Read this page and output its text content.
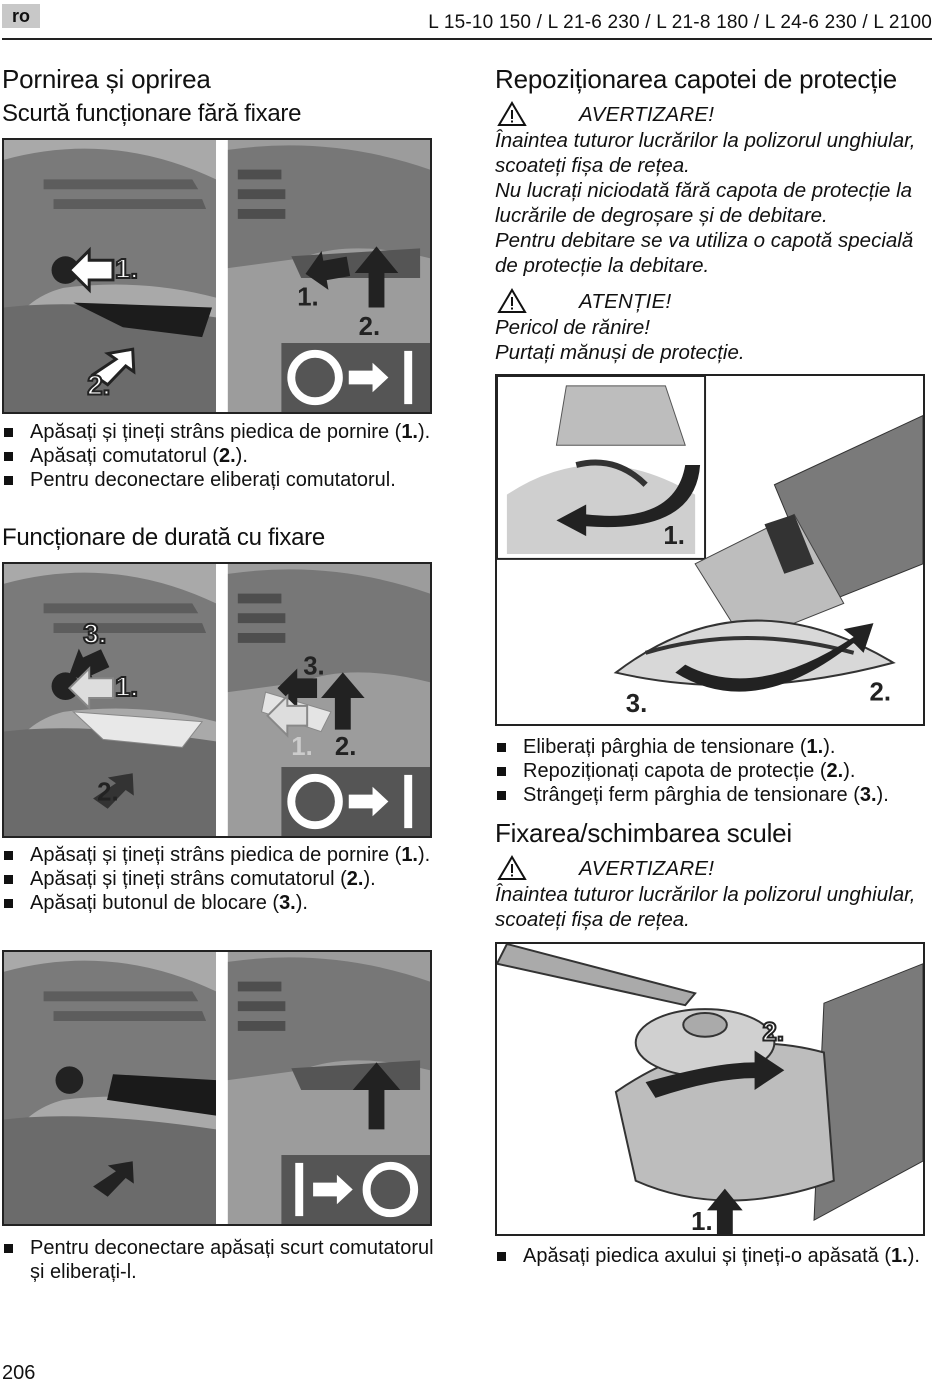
ro	L 15-10 150 / L 21-6 230 / L 21-8 180 / L 24-6 230 / L 2100
Pornirea și oprirea
Scurtă funcționare fără fixare
1.
2.
1.
2.
Apăsați și țineți strâns piedica de pornire (1.).
Apăsați comutatorul (2.).
Pentru deconectare eliberați comutatorul.
Funcționare de durată cu fixare
3.
1.
2.
3.
1. 2.
Apăsați și țineți strâns piedica de pornire (1.).
Apăsați și țineți strâns comutatorul (2.).
Apăsați butonul de blocare (3.).
Pentru deconectare apăsați scurt comutatorul și eliberați-l.
Repoziționarea capotei de protecție
AVERTIZARE!
Înaintea tuturor lucrărilor la polizorul unghiular, scoateți fișa de rețea.
Nu lucrați niciodată fără capota de protecție la lucrările de degroșare și de debitare.
Pentru debitare se va utiliza o capotă specială de protecție la debitare.
ATENȚIE!
Pericol de rănire!
Purtați mănuși de protecție.
1.
2.
3.
Eliberați pârghia de tensionare (1.).
Repoziționați capota de protecție (2.).
Strângeți ferm pârghia de tensionare (3.).
Fixarea/schimbarea sculei
AVERTIZARE!
Înaintea tuturor lucrărilor la polizorul unghiular, scoateți fișa de rețea.
2.
1.
Apăsați piedica axului și țineți-o apăsată (1.).
206
